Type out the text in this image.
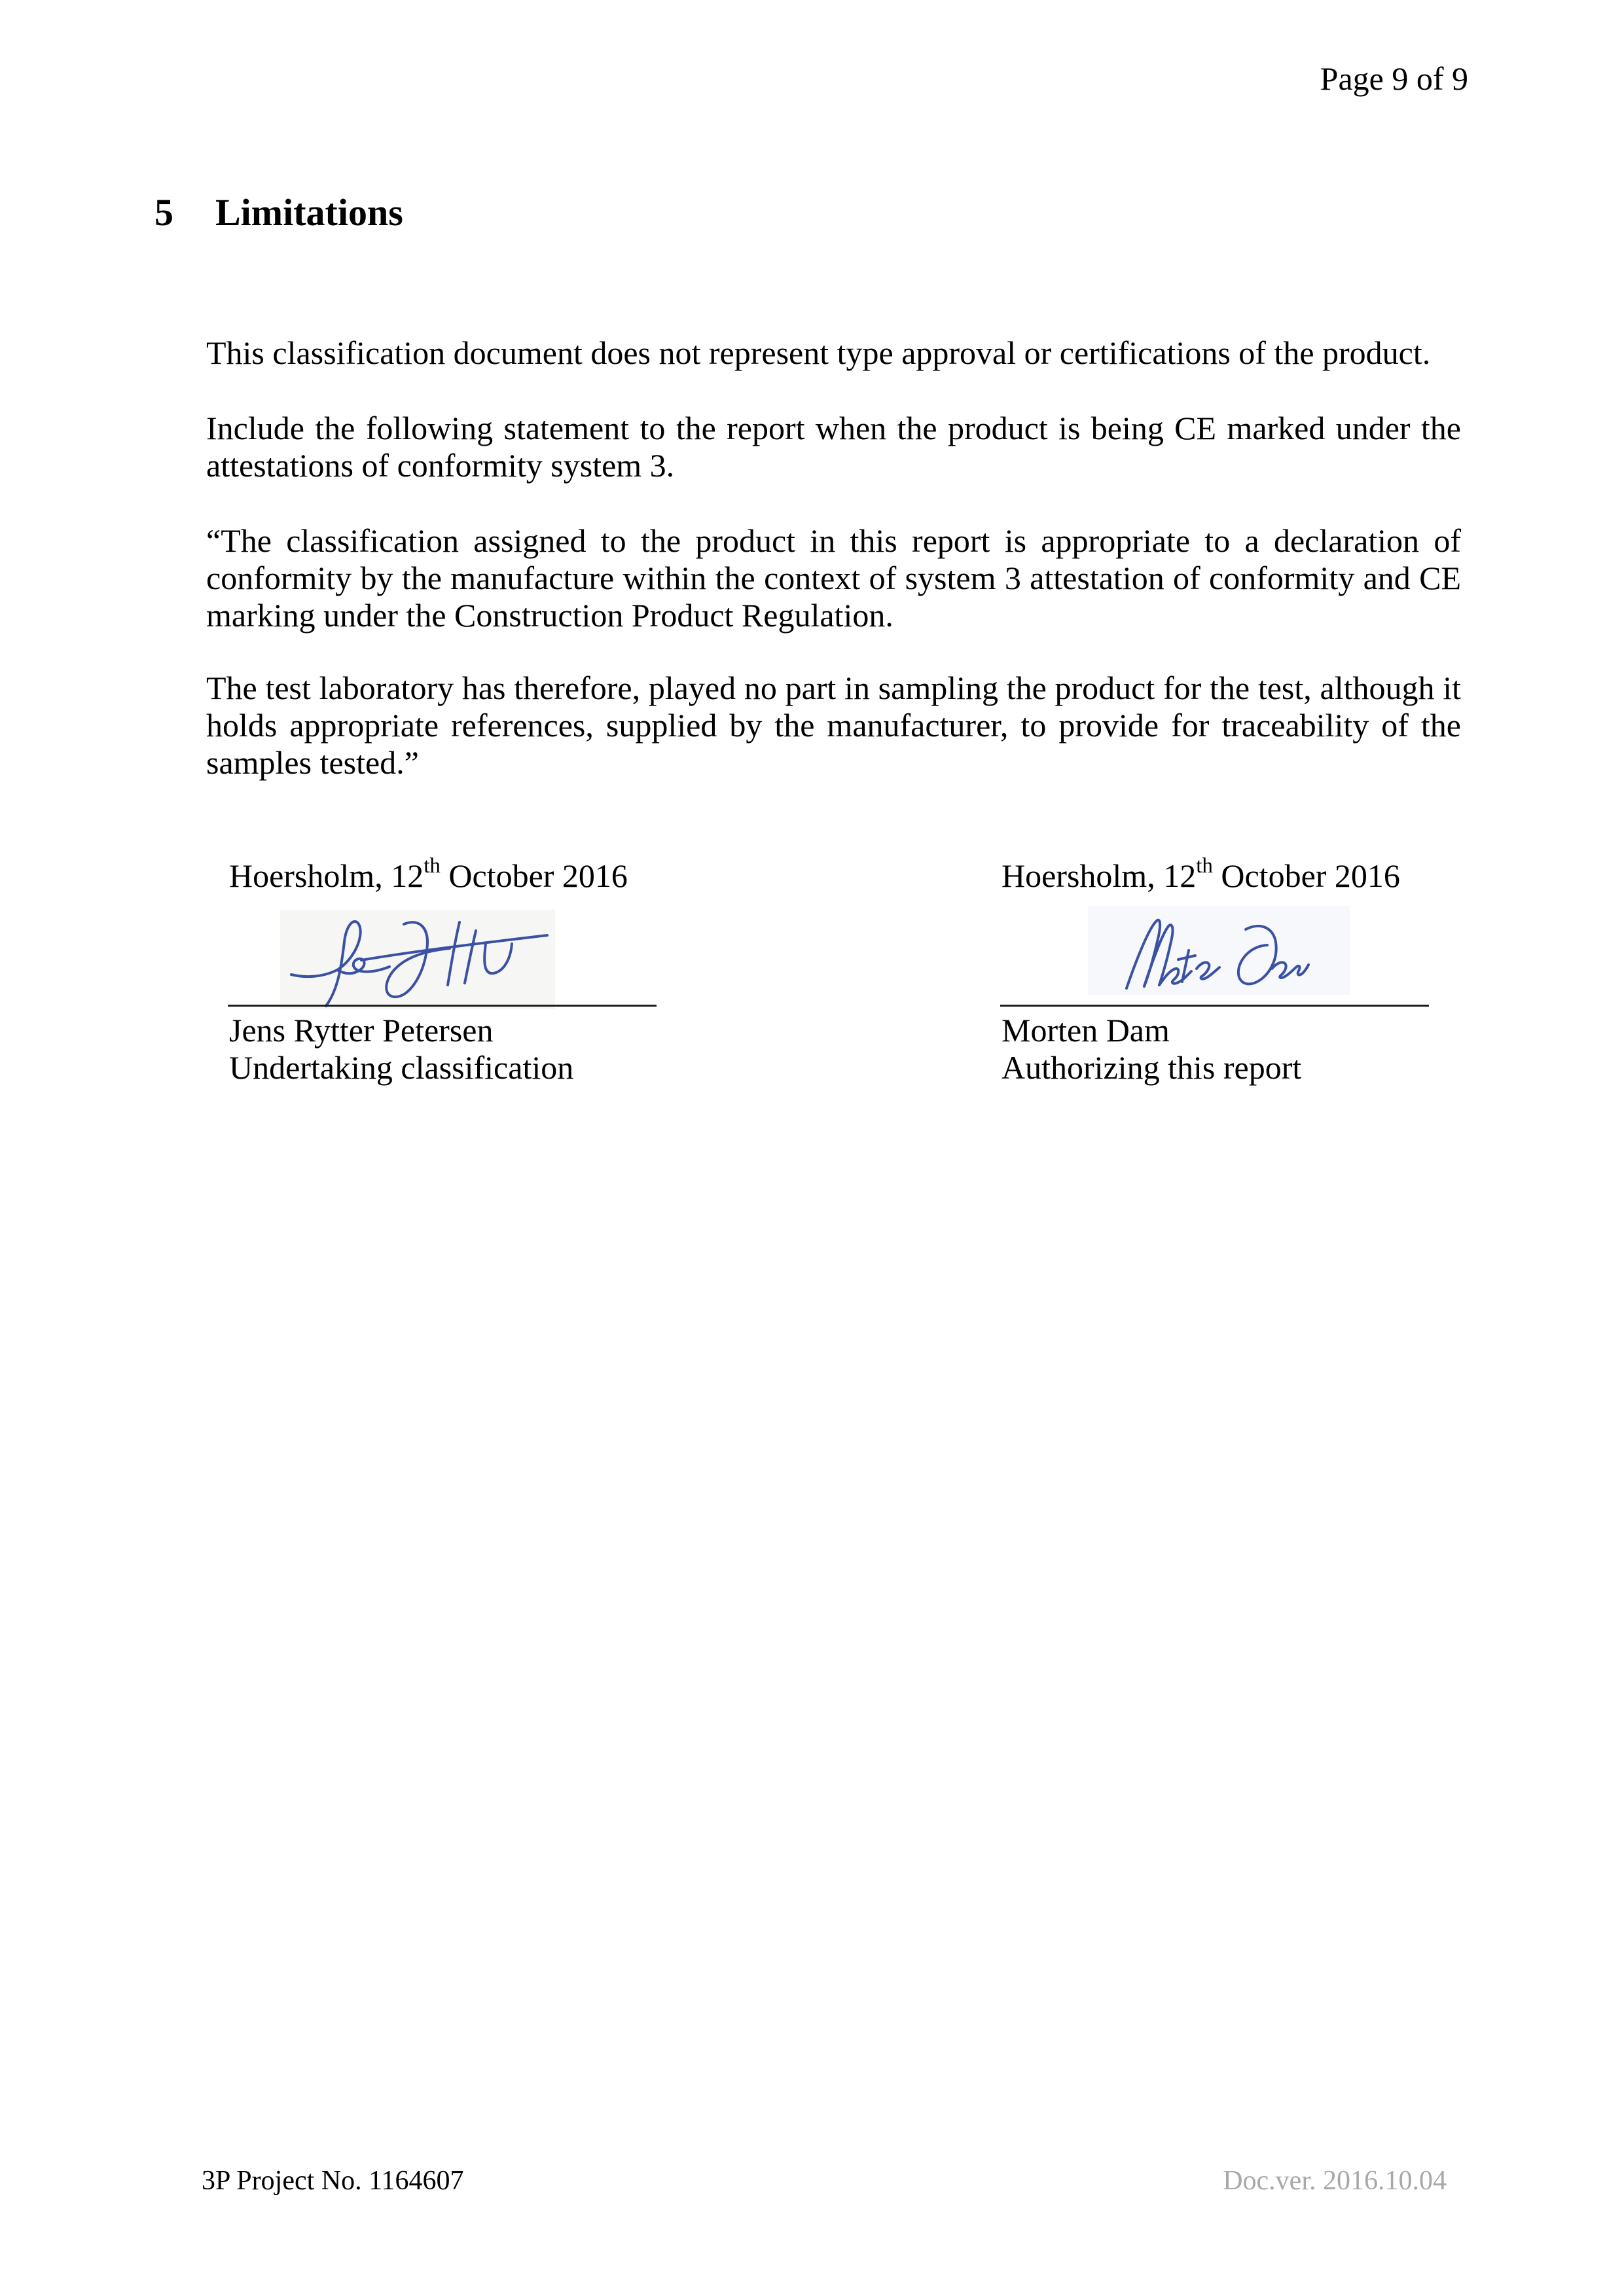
Page 9 of 9
5 Limitations

This classification document does not represent type approval or certifications of the product.

Include the following statement to the report when the product is being CE marked under the attestations of conformity system 3.

“The classification assigned to the product in this report is appropriate to a declaration of conformity by the manufacture within the context of system 3 attestation of conformity and CE marking under the Construction Product Regulation.

The test laboratory has therefore, played no part in sampling the product for the test, although it holds appropriate references, supplied by the manufacturer, to provide for traceability of the samples tested.”

Hoersholm, 12th October 2016
Jens Rytter Petersen
Undertaking classification
Hoersholm, 12th October 2016
Morten Dam
Authorizing this report
3P Project No. 1164607	Doc.ver. 2016.10.04
